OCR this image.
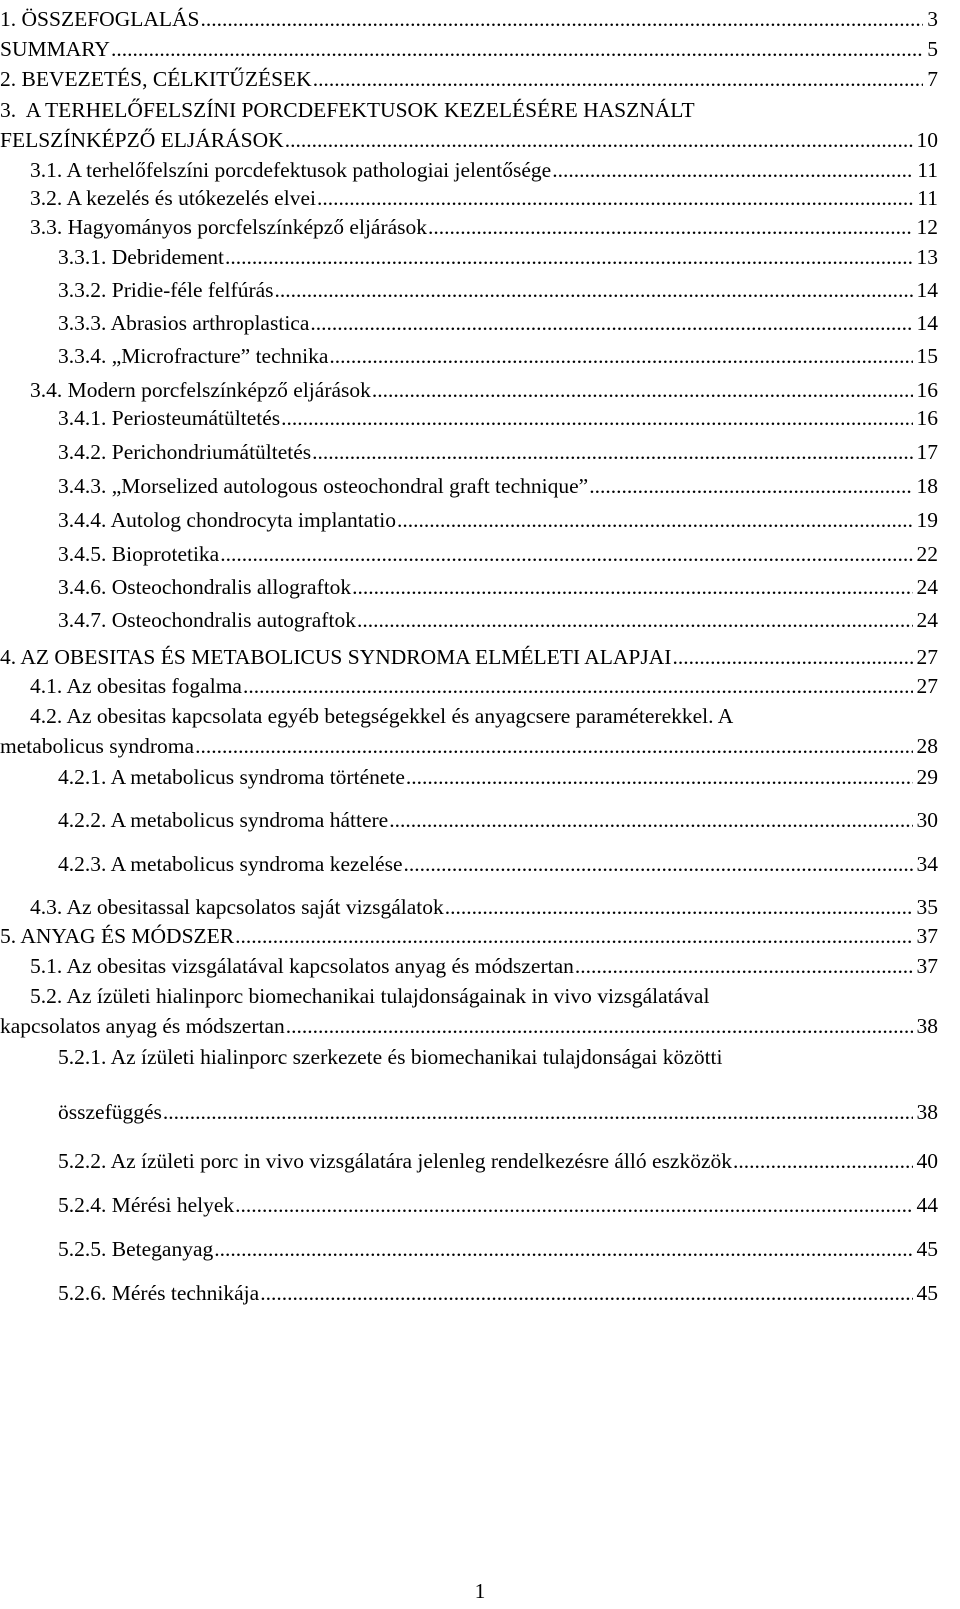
1. ÖSSZEFOGLALÁS .....	3
SUMMARY .....	5
2. BEVEZETÉS, CÉLKITŰZÉSEK .....	7
3.  A TERHELŐFELSZÍNI PORCDEFEKTUSOK KEZELÉSÉRE HASZNÁLT
FELSZÍNKÉPZŐ ELJÁRÁSOK .....	10
3.1. A terhelőfelszíni porcdefektusok pathologiai jelentősége .....	11
3.2. A kezelés és utókezelés elvei .....	11
3.3. Hagyományos porcfelszínképző eljárások .....	12
3.3.1. Debridement .....	13
3.3.2. Pridie-féle felfúrás .....	14
3.3.3. Abrasios arthroplastica .....	14
3.3.4. „Microfracture” technika .....	15
3.4. Modern porcfelszínképző eljárások .....	16
3.4.1. Periosteumátültetés .....	16
3.4.2. Perichondriumátültetés .....	17
3.4.3. „Morselized autologous osteochondral graft technique” .....	18
3.4.4. Autolog chondrocyta implantatio .....	19
3.4.5. Bioprotetika .....	22
3.4.6. Osteochondralis allograftok .....	24
3.4.7. Osteochondralis autograftok .....	24
4. AZ OBESITAS ÉS METABOLICUS SYNDROMA ELMÉLETI ALAPJAI .....	27
4.1. Az obesitas fogalma .....	27
4.2. Az obesitas kapcsolata egyéb betegségekkel és anyagcsere paraméterekkel. A
metabolicus syndroma .....	28
4.2.1. A metabolicus syndroma története .....	29
4.2.2. A metabolicus syndroma háttere .....	30
4.2.3. A metabolicus syndroma kezelése .....	34
4.3. Az obesitassal kapcsolatos saját vizsgálatok .....	35
5. ANYAG ÉS MÓDSZER .....	37
5.1. Az obesitas vizsgálatával kapcsolatos anyag és módszertan .....	37
5.2. Az ízületi hialinporc biomechanikai tulajdonságainak in vivo vizsgálatával
kapcsolatos anyag és módszertan .....	38
5.2.1. Az ízületi hialinporc szerkezete és biomechanikai tulajdonságai közötti
összefüggés .....	38
5.2.2. Az ízületi porc in vivo vizsgálatára jelenleg rendelkezésre álló eszközök .....	40
5.2.4. Mérési helyek .....	44
5.2.5. Beteganyag .....	45
5.2.6. Mérés technikája .....	45
1
